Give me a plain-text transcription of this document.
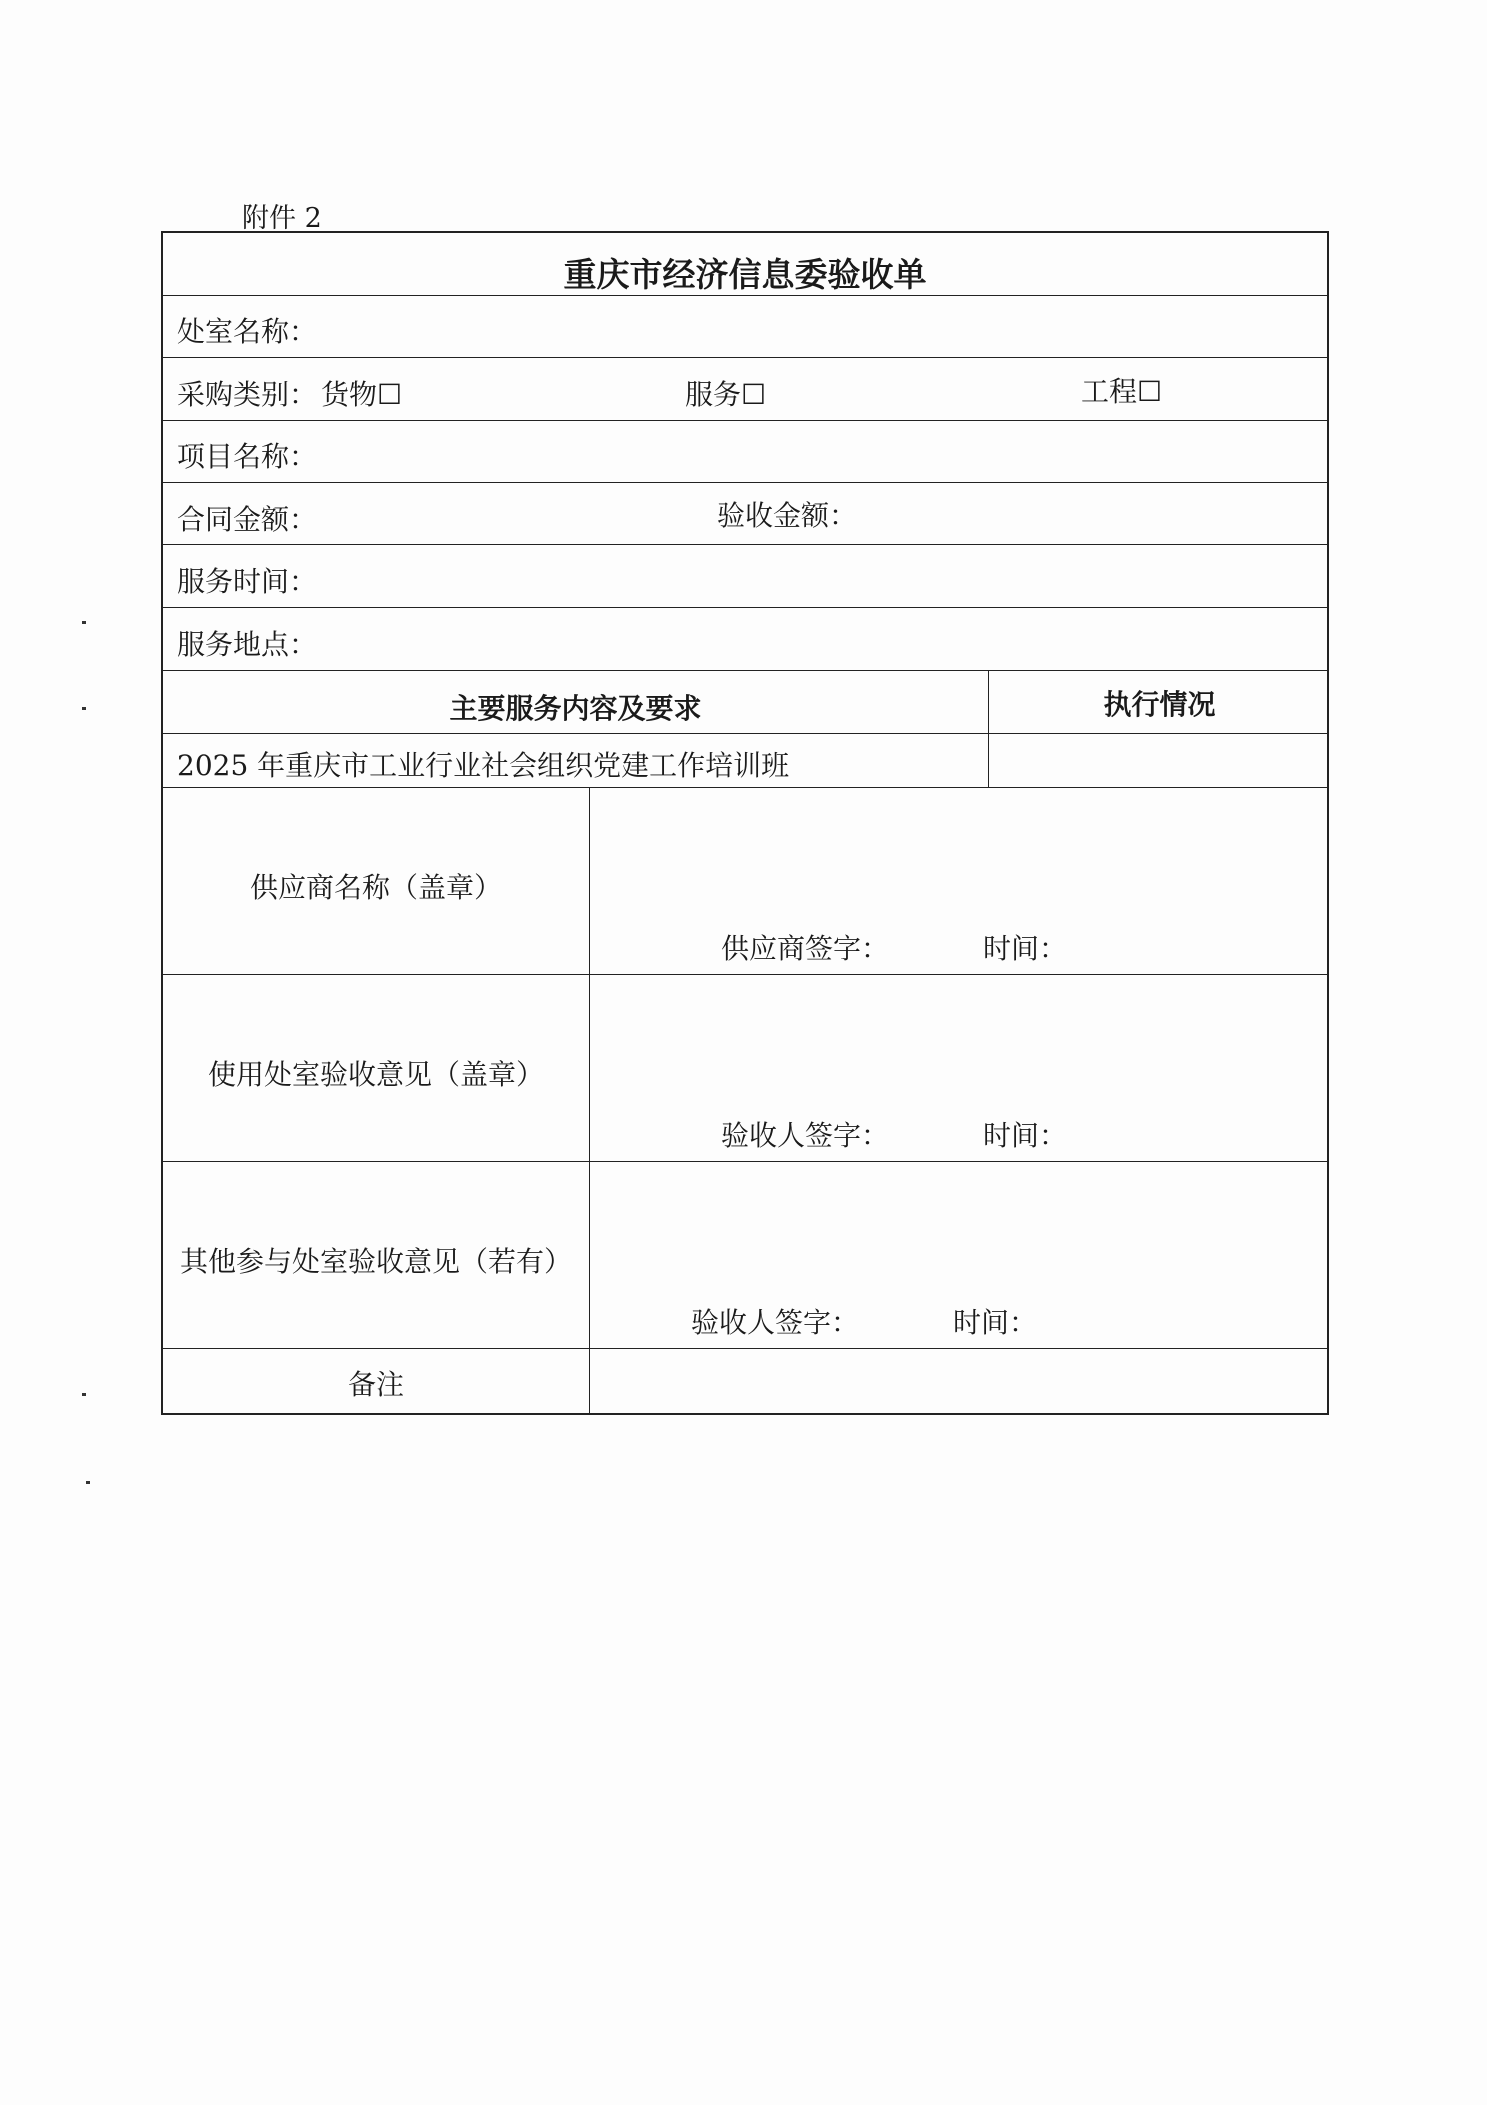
附件 2
重庆市经济信息委验收单
处室名称：
采购类别： 货物☐	服务☐	工程☐
项目名称：
合同金额：	验收金额：
服务时间：
服务地点：
主要服务内容及要求	执行情况
2025 年重庆市工业行业社会组织党建工作培训班
供应商名称（盖章）
供应商签字：	时间：
使用处室验收意见（盖章）
验收人签字：	时间：
其他参与处室验收意见（若有）
验收人签字：	时间：
备注
